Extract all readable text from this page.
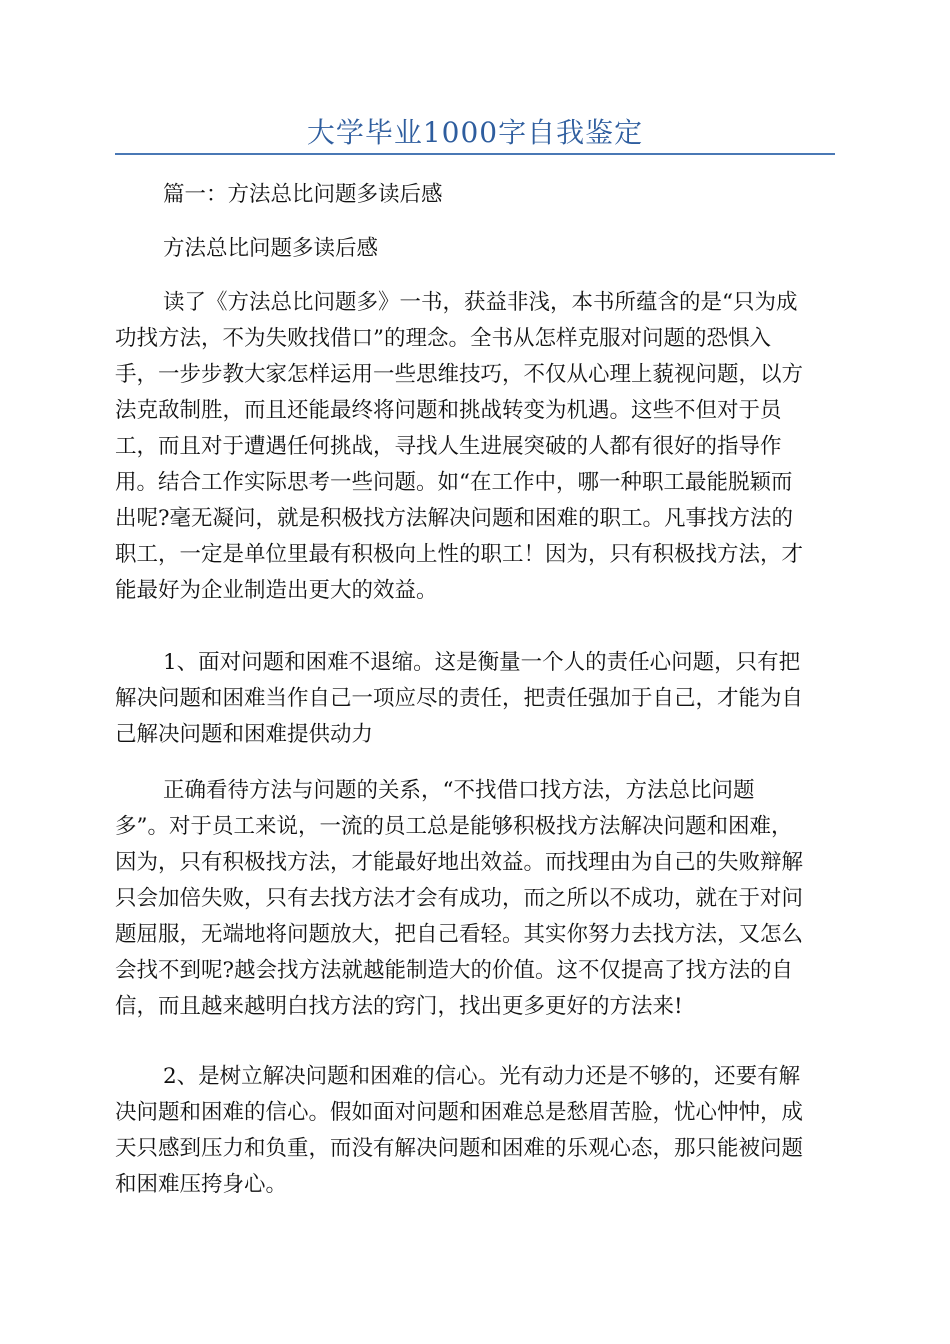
大学毕业1000字自我鉴定
篇一：方法总比问题多读后感
方法总比问题多读后感
读了《方法总比问题多》一书，获益非浅，本书所蕴含的是“只为成
功找方法，不为失败找借口”的理念。全书从怎样克服对问题的恐惧入
手，一步步教大家怎样运用一些思维技巧，不仅从心理上藐视问题，以方
法克敌制胜，而且还能最终将问题和挑战转变为机遇。这些不但对于员
工，而且对于遭遇任何挑战，寻找人生进展突破的人都有很好的指导作
用。结合工作实际思考一些问题。如“在工作中，哪一种职工最能脱颖而
出呢?毫无凝问，就是积极找方法解决问题和困难的职工。凡事找方法的
职工，一定是单位里最有积极向上性的职工！因为，只有积极找方法，才
能最好为企业制造出更大的效益。
1、面对问题和困难不退缩。这是衡量一个人的责任心问题，只有把
解决问题和困难当作自己一项应尽的责任，把责任强加于自己，才能为自
己解决问题和困难提供动力
正确看待方法与问题的关系，“不找借口找方法，方法总比问题
多”。对于员工来说，一流的员工总是能够积极找方法解决问题和困难，
因为，只有积极找方法，才能最好地出效益。而找理由为自己的失败辩解
只会加倍失败，只有去找方法才会有成功，而之所以不成功，就在于对问
题屈服，无端地将问题放大，把自己看轻。其实你努力去找方法，又怎么
会找不到呢?越会找方法就越能制造大的价值。这不仅提高了找方法的自
信，而且越来越明白找方法的窍门，找出更多更好的方法来!
2、是树立解决问题和困难的信心。光有动力还是不够的，还要有解
决问题和困难的信心。假如面对问题和困难总是愁眉苦脸，忧心忡忡，成
天只感到压力和负重，而没有解决问题和困难的乐观心态，那只能被问题
和困难压挎身心。
